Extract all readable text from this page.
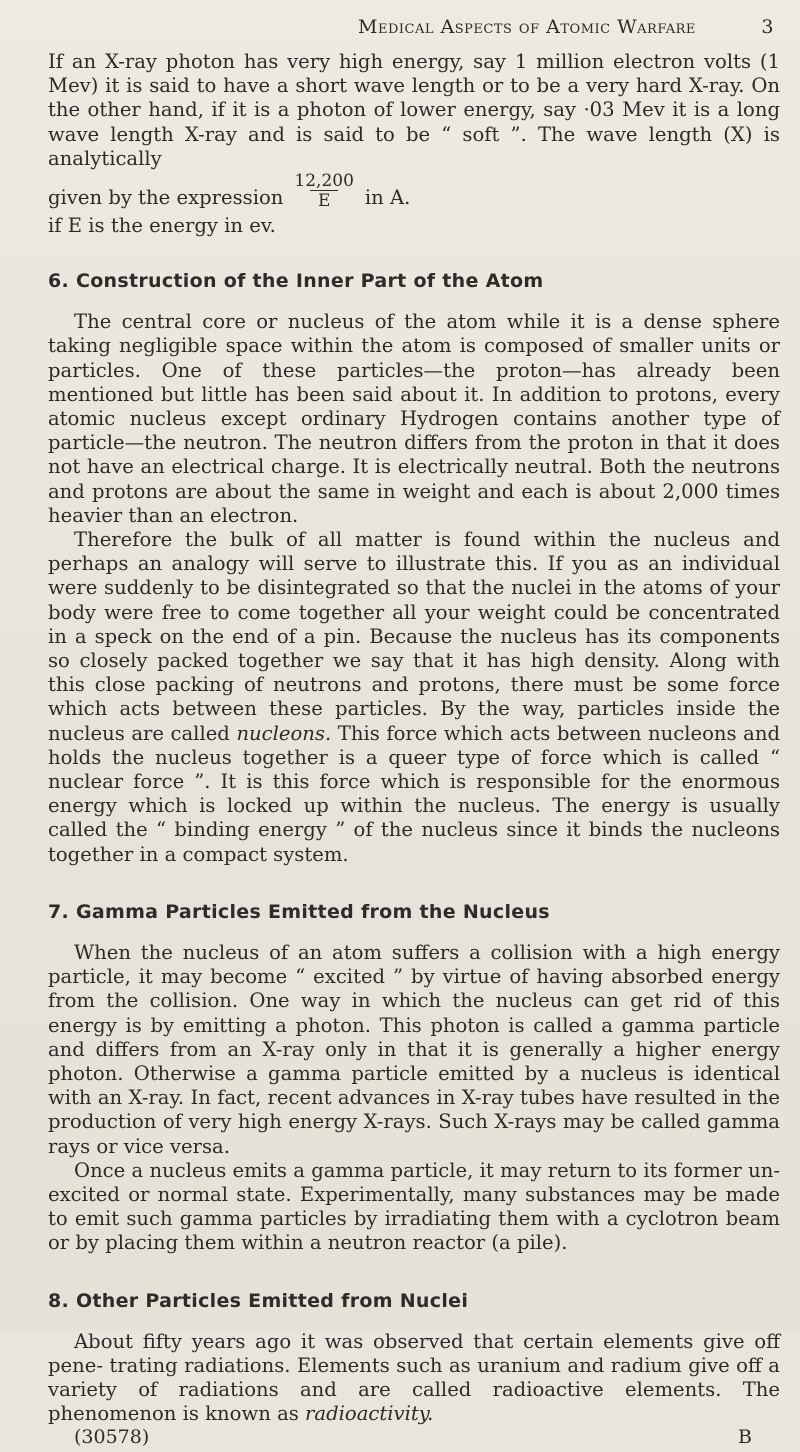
Medical Aspects of Atomic Warfare	3

If an X-ray photon has very high energy, say 1 million electron volts (1 Mev) it is said to have a short wave length or to be a very hard X-ray. On the other hand, if it is a photon of lower energy, say ·03 Mev it is a long wave length X-ray and is said to be “ soft ”. The wave length (X) is analytically

given by the expression $\frac{12,200}{E}$ in A.

if E is the energy in ev.

6. Construction of the Inner Part of the Atom

The central core or nucleus of the atom while it is a dense sphere taking negligible space within the atom is composed of smaller units or particles. One of these particles—the proton—has already been mentioned but little has been said about it. In addition to protons, every atomic nucleus except ordinary Hydrogen contains another type of particle—the neutron. The neutron differs from the proton in that it does not have an electrical charge. It is electrically neutral. Both the neutrons and protons are about the same in weight and each is about 2,000 times heavier than an electron.

Therefore the bulk of all matter is found within the nucleus and perhaps an analogy will serve to illustrate this. If you as an individual were suddenly to be disintegrated so that the nuclei in the atoms of your body were free to come together all your weight could be concentrated in a speck on the end of a pin. Because the nucleus has its components so closely packed together we say that it has high density. Along with this close packing of neutrons and protons, there must be some force which acts between these particles. By the way, particles inside the nucleus are called nucleons. This force which acts between nucleons and holds the nucleus together is a queer type of force which is called “ nuclear force ”. It is this force which is responsible for the enormous energy which is locked up within the nucleus. The energy is usually called the “ binding energy ” of the nucleus since it binds the nucleons together in a compact system.

7. Gamma Particles Emitted from the Nucleus

When the nucleus of an atom suffers a collision with a high energy particle, it may become “ excited ” by virtue of having absorbed energy from the collision. One way in which the nucleus can get rid of this energy is by emitting a photon. This photon is called a gamma particle and differs from an X-ray only in that it is generally a higher energy photon. Otherwise a gamma particle emitted by a nucleus is identical with an X-ray. In fact, recent advances in X-ray tubes have resulted in the production of very high energy X-rays. Such X-rays may be called gamma rays or vice versa.

Once a nucleus emits a gamma particle, it may return to its former un-excited or normal state. Experimentally, many substances may be made to emit such gamma particles by irradiating them with a cyclotron beam or by placing them within a neutron reactor (a pile).

8. Other Particles Emitted from Nuclei

About fifty years ago it was observed that certain elements give off pene- trating radiations. Elements such as uranium and radium give off a variety of radiations and are called radioactive elements. The phenomenon is known as radioactivity.

(30578)	B
